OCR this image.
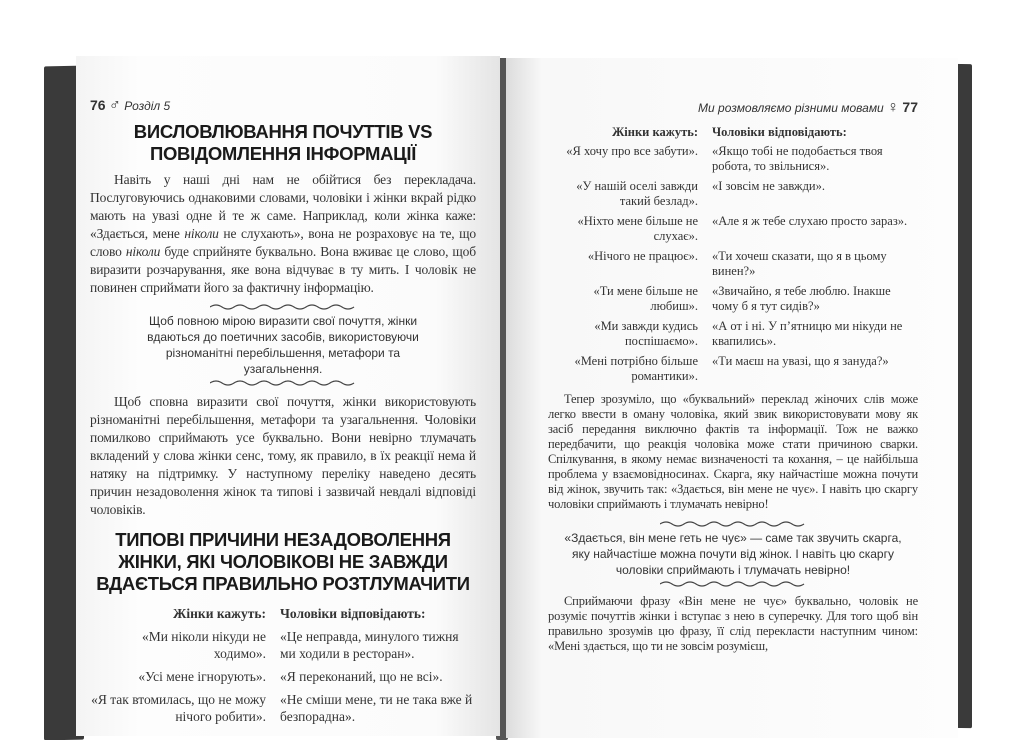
76 ♂ Розділ 5
ВИСЛОВЛЮВАННЯ ПОЧУТТІВ VS ПОВІДОМЛЕННЯ ІНФОРМАЦІЇ
Навіть у наші дні нам не обійтися без перекладача. Послуговуючись однаковими словами, чоловіки і жінки вкрай рідко мають на увазі одне й те ж саме. Наприклад, коли жінка каже: «Здається, мене ніколи не слухають», вона не розраховує на те, що слово ніколи буде сприйняте буквально. Вона вживає це слово, щоб виразити розчарування, яке вона відчуває в ту мить. І чоловік не повинен сприймати його за фактичну інформацію.
Щоб повною мірою виразити свої почуття, жінки вдаються до поетичних засобів, використовуючи різноманітні перебільшення, метафори та узагальнення.
Щоб сповна виразити свої почуття, жінки використовують різноманітні перебільшення, метафори та узагальнення. Чоловіки помилково сприймають усе буквально. Вони невірно тлумачать вкладений у слова жінки сенс, тому, як правило, в їх реакції нема й натяку на підтримку. У наступному переліку наведено десять причин незадоволення жінок та типові і зазвичай невдалі відповіді чоловіків.
ТИПОВІ ПРИЧИНИ НЕЗАДОВОЛЕННЯ ЖІНКИ, ЯКІ ЧОЛОВІКОВІ НЕ ЗАВЖДИ ВДАЄТЬСЯ ПРАВИЛЬНО РОЗТЛУМАЧИТИ
Жінки кажуть: Чоловіки відповідають:
«Ми ніколи нікуди не ходимо».
«Це неправда, минулого тижня ми ходили в ресторан».
«Усі мене ігнорують». «Я переконаний, що не всі».
«Я так втомилась, що не можу нічого робити».
«Не смiши мене, ти не така вже й безпорадна».
Ми розмовляємо різними мовами ♀ 77
Жінки кажуть: Чоловіки відповідають:
«Я хочу про все забути». «Якщо тобі не подобається твоя робота, то звільнися».
«У нашій оселі завжди такий безлад».
«І зовсім не завжди».
«Ніхто мене більше не слухає».
«Але я ж тебе слухаю просто зараз».
«Нічого не працює». «Ти хочеш сказати, що я в цьому винен?»
«Ти мене більше не любиш».
«Звичайно, я тебе люблю. Інакше чому б я тут сидів?»
«Ми завжди кудись поспішаємо».
«А от і ні. У п’ятницю ми нікуди не квапились».
«Мені потрібно більше романтики».
«Ти маєш на увазі, що я зануда?»
Тепер зрозуміло, що «буквальний» переклад жіночих слів може легко ввести в оману чоловіка, який звик використовувати мову як засіб передання виключно фактів та інформації. Тож не важко передбачити, що реакція чоловіка може стати причиною сварки. Спілкування, в якому немає визначеності та кохання, – це найбільша проблема у взаємовідносинах. Скарга, яку найчастіше можна почути від жінок, звучить так: «Здається, він мене не чує». І навіть цю скаргу чоловіки сприймають і тлумачать невірно!
«Здається, він мене геть не чує» — саме так звучить скарга, яку найчастіше можна почути від жінок. І навіть цю скаргу чоловіки сприймають і тлумачать невірно!
Сприймаючи фразу «Він мене не чує» буквально, чоловік не розуміє почуттів жінки і вступає з нею в суперечку. Для того щоб він правильно зрозумів цю фразу, її слід перекласти наступним чином: «Мені здається, що ти не зовсім розумієш,
